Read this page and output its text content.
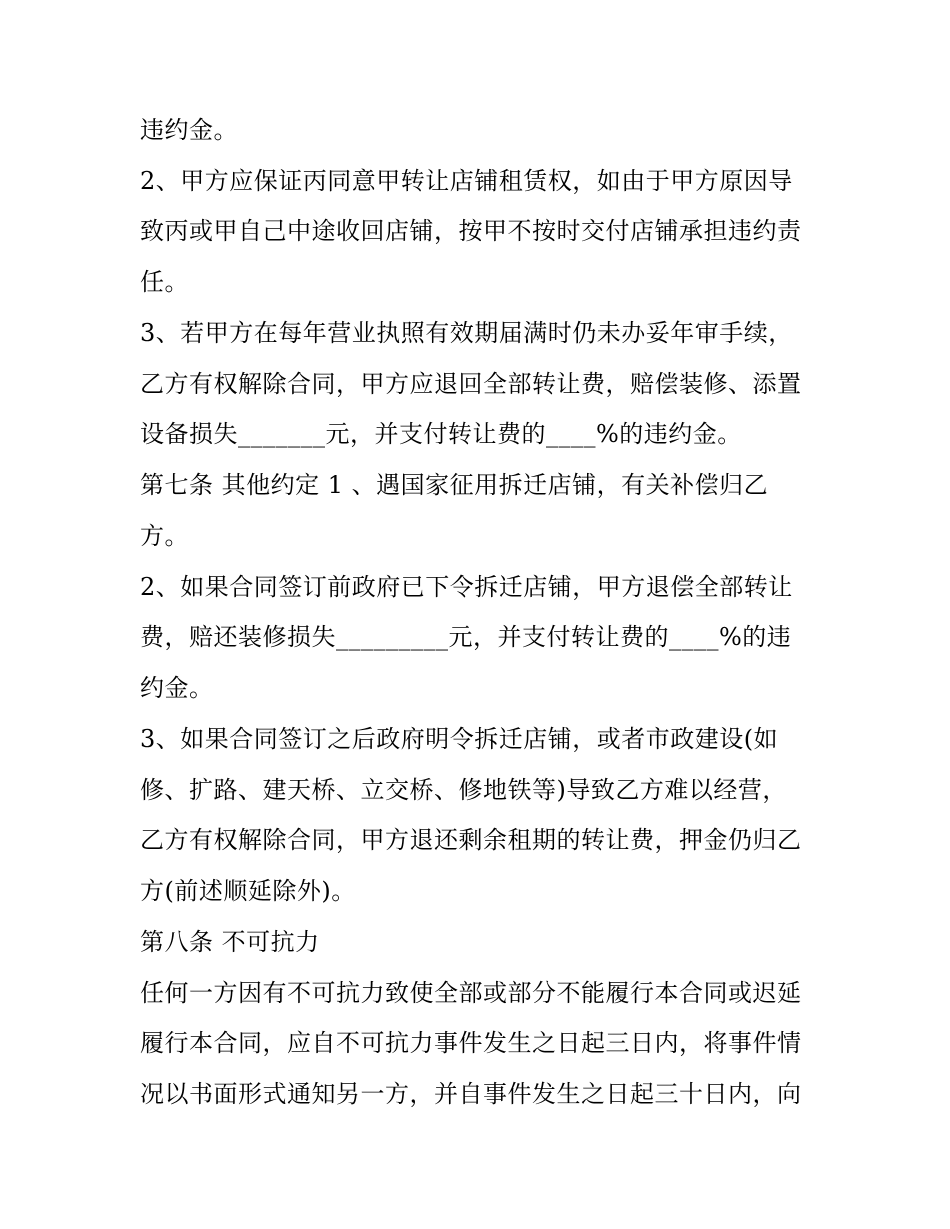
违约金。

2、甲方应保证丙同意甲转让店铺租赁权，如由于甲方原因导

致丙或甲自己中途收回店铺，按甲不按时交付店铺承担违约责

任。

3、若甲方在每年营业执照有效期届满时仍未办妥年审手续，

乙方有权解除合同，甲方应退回全部转让费，赔偿装修、添置

设备损失_______元，并支付转让费的____%的违约金。

第七条 其他约定 1 、遇国家征用拆迁店铺，有关补偿归乙

方。

2、如果合同签订前政府已下令拆迁店铺，甲方退偿全部转让

费，赔还装修损失_________元，并支付转让费的____%的违

约金。

3、如果合同签订之后政府明令拆迁店铺，或者市政建设(如

修、扩路、建天桥、立交桥、修地铁等)导致乙方难以经营，

乙方有权解除合同，甲方退还剩余租期的转让费，押金仍归乙

方(前述顺延除外)。

第八条 不可抗力

任何一方因有不可抗力致使全部或部分不能履行本合同或迟延

履行本合同，应自不可抗力事件发生之日起三日内，将事件情

况以书面形式通知另一方，并自事件发生之日起三十日内，向
